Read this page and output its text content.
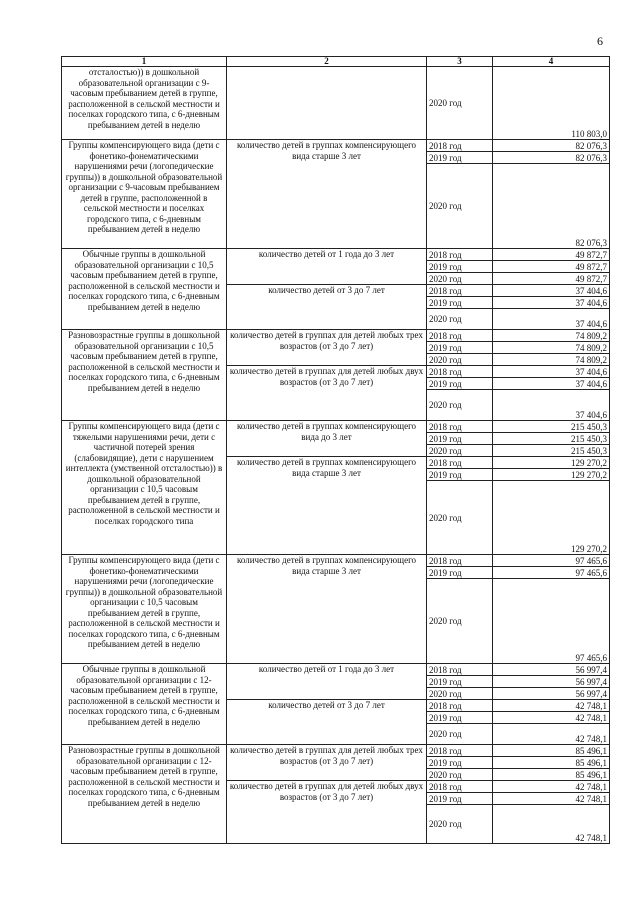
6
1	2	3	4
отсталостью)) в дошкольной образовательной организации с 9-часовым пребыванием детей в группе, расположенной в сельской местности и поселках городского типа, с 6-дневным пребыванием детей в неделю		2020 год	110 803,0
Группы компенсирующего вида (дети с фонетико-фонематическими нарушениями речи (логопедические группы)) в дошкольной образовательной организации с 9-часовым пребыванием детей в группе, расположенной в сельской местности и поселках городского типа, с 6-дневным пребыванием детей в неделю	количество детей в группах компенсирующего вида старше 3 лет	2018 год	82 076,3
		2019 год	82 076,3
		2020 год	82 076,3
Обычные группы в дошкольной образовательной организации с 10,5 часовым пребыванием детей в группе, расположенной в сельской местности и поселках городского типа, с 6-дневным пребыванием детей в неделю	количество детей от 1 года до 3 лет	2018 год	49 872,7
		2019 год	49 872,7
		2020 год	49 872,7
	количество детей от 3 до 7 лет	2018 год	37 404,6
		2019 год	37 404,6
		2020 год	37 404,6
Разновозрастные группы в дошкольной образовательной организации с 10,5 часовым пребыванием детей в группе, расположенной в сельской местности и поселках городского типа, с 6-дневным пребыванием детей в неделю	количество детей в группах для детей любых трех возрастов (от 3 до 7 лет)	2018 год	74 809,2
		2019 год	74 809,2
		2020 год	74 809,2
	количество детей в группах для детей любых двух возрастов (от 3 до 7 лет)	2018 год	37 404,6
		2019 год	37 404,6
		2020 год	37 404,6
Группы компенсирующего вида (дети с тяжелыми нарушениями речи, дети с частичной потерей зрения (слабовидящие), дети с нарушением интеллекта (умственной отсталостью)) в дошкольной образовательной организации с 10,5 часовым пребыванием детей в группе, расположенной в сельской местности и поселках городского типа	количество детей в группах компенсирующего вида до 3 лет	2018 год	215 450,3
		2019 год	215 450,3
		2020 год	215 450,3
	количество детей в группах компенсирующего вида старше 3 лет	2018 год	129 270,2
		2019 год	129 270,2
		2020 год	129 270,2
Группы компенсирующего вида (дети с фонетико-фонематическими нарушениями речи (логопедические группы)) в дошкольной образовательной организации с 10,5 часовым пребыванием детей в группе, расположенной в сельской местности и поселках городского типа, с 6-дневным пребыванием детей в неделю	количество детей в группах компенсирующего вида старше 3 лет	2018 год	97 465,6
		2019 год	97 465,6
		2020 год	97 465,6
Обычные группы в дошкольной образовательной организации с 12-часовым пребыванием детей в группе, расположенной в сельской местности и поселках городского типа, с 6-дневным пребыванием детей в неделю	количество детей от 1 года до 3 лет	2018 год	56 997,4
		2019 год	56 997,4
		2020 год	56 997,4
	количество детей от 3 до 7 лет	2018 год	42 748,1
		2019 год	42 748,1
		2020 год	42 748,1
Разновозрастные группы в дошкольной образовательной организации с 12-часовым пребыванием детей в группе, расположенной в сельской местности и поселках городского типа, с 6-дневным пребыванием детей в неделю	количество детей в группах для детей любых трех возрастов (от 3 до 7 лет)	2018 год	85 496,1
		2019 год	85 496,1
		2020 год	85 496,1
	количество детей в группах для детей любых двух возрастов (от 3 до 7 лет)	2018 год	42 748,1
		2019 год	42 748,1
		2020 год	42 748,1
